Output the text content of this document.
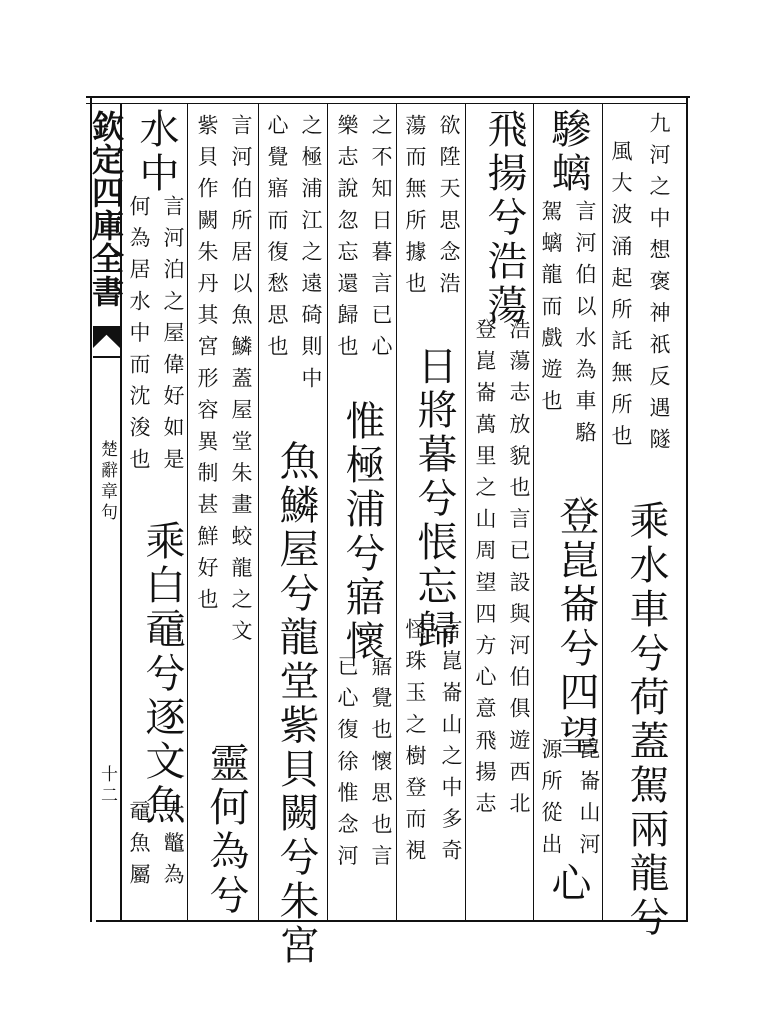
欽定四庫全書

楚辭章句

十二

九河之中想褒神祇反遇隧

乘水車兮荷蓋駕兩龍兮

風大波涌起所託無所也

驂螭

言河伯以水為車駱

登崑崙兮四望

崑崙山河

駕螭龍而戲遊也

源所從出

心

飛揚兮浩蕩

浩蕩志放貌也言已設與河伯俱遊西北

登崑崙萬里之山周望四方心意飛揚志

欲陞天思念浩

日將暮兮悵忘歸

言崑崙山之中多奇

蕩而無所據也

怪珠玉之樹登而視

之不知日暮言已心

惟極浦兮寤懷

寤覺也懷思也言

樂志說忽忘還歸也

已心復徐惟念河

之極浦江之遠碕則中

魚鱗屋兮龍堂紫貝闕兮朱宮

心覺寤而復愁思也

言河伯所居以魚鱗蓋屋堂朱畫蛟龍之文

紫貝作闕朱丹其宮形容異制甚鮮好也

靈何為兮

水中

言河泊之屋偉好如是

乘白黿兮逐文魚

大鼈為

何為居水中而沈浚也

黿魚屬
